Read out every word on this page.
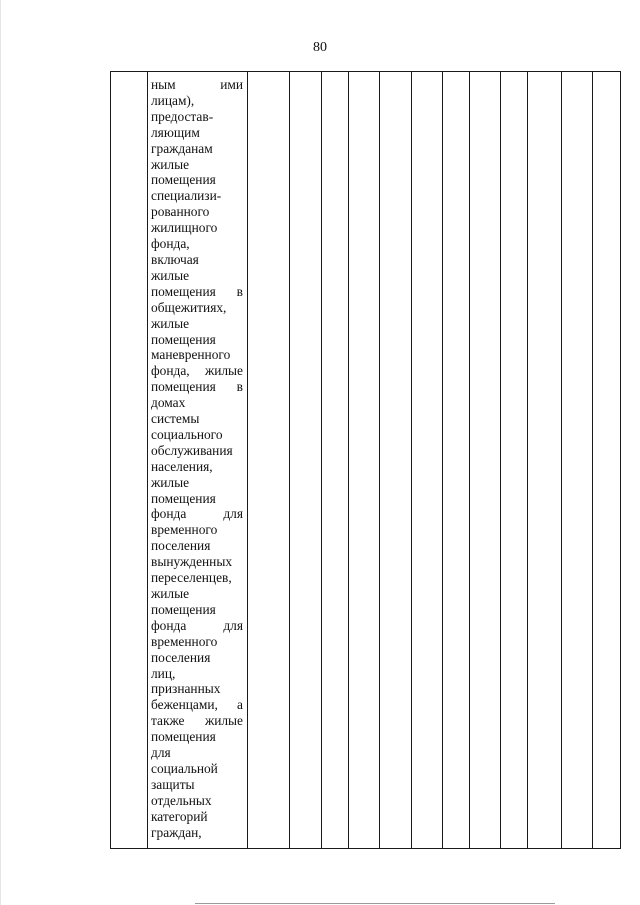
80

ным	ими
лицам),
предостав-
ляющим
гражданам
жилые
помещения
специализи-
рованного
жилищного
фонда,
включая
жилые
помещения в
общежитиях,
жилые
помещения
маневренного
фонда, жилые
помещения в
домах
системы
социального
обслуживания
населения,
жилые
помещения
фонда	для
временного
поселения
вынужденных
переселенцев,
жилые
помещения
фонда	для
временного
поселения
лиц,
признанных
беженцами, а
также жилые
помещения
для
социальной
защиты
отдельных
категорий
граждан,
